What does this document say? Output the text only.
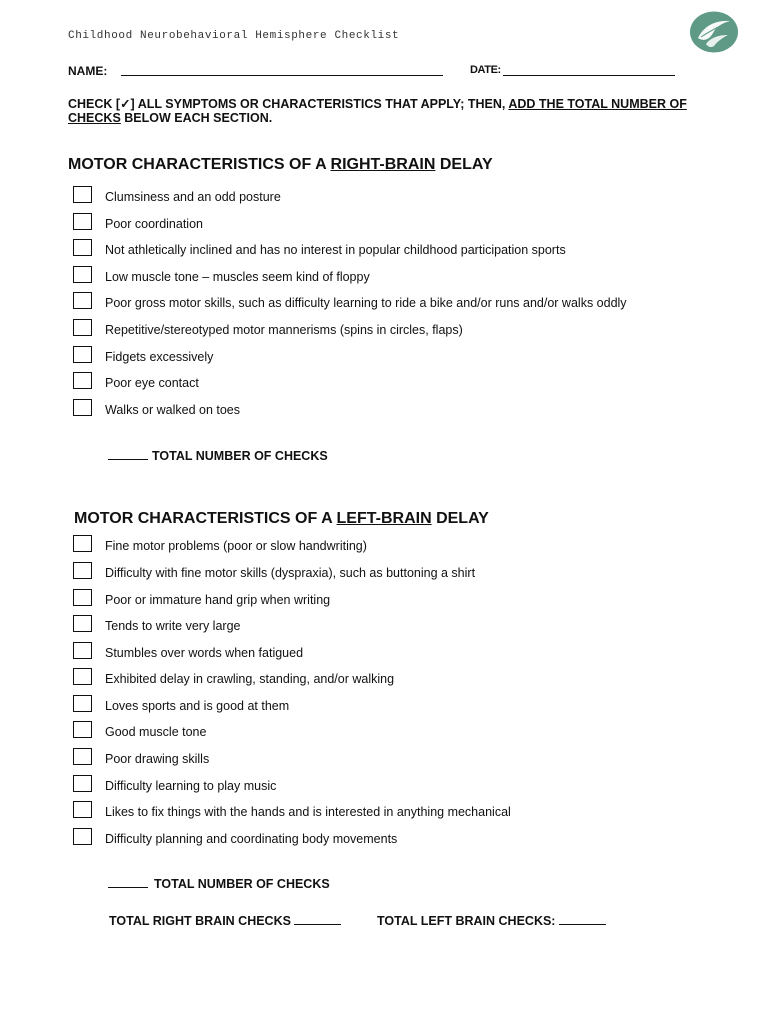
Childhood Neurobehavioral Hemisphere Checklist
NAME:	DATE:
CHECK [✓] ALL SYMPTOMS OR CHARACTERISTICS THAT APPLY; THEN, ADD THE TOTAL NUMBER OF CHECKS BELOW EACH SECTION.
MOTOR CHARACTERISTICS OF A RIGHT-BRAIN DELAY
Clumsiness and an odd posture
Poor coordination
Not athletically inclined and has no interest in popular childhood participation sports
Low muscle tone – muscles seem kind of floppy
Poor gross motor skills, such as difficulty learning to ride a bike and/or runs and/or walks oddly
Repetitive/stereotyped motor mannerisms (spins in circles, flaps)
Fidgets excessively
Poor eye contact
Walks or walked on toes
TOTAL NUMBER OF CHECKS
MOTOR CHARACTERISTICS OF A LEFT-BRAIN DELAY
Fine motor problems (poor or slow handwriting)
Difficulty with fine motor skills (dyspraxia), such as buttoning a shirt
Poor or immature hand grip when writing
Tends to write very large
Stumbles over words when fatigued
Exhibited delay in crawling, standing, and/or walking
Loves sports and is good at them
Good muscle tone
Poor drawing skills
Difficulty learning to play music
Likes to fix things with the hands and is interested in anything mechanical
Difficulty planning and coordinating body movements
TOTAL NUMBER OF CHECKS
TOTAL RIGHT BRAIN CHECKS	TOTAL LEFT BRAIN CHECKS:
